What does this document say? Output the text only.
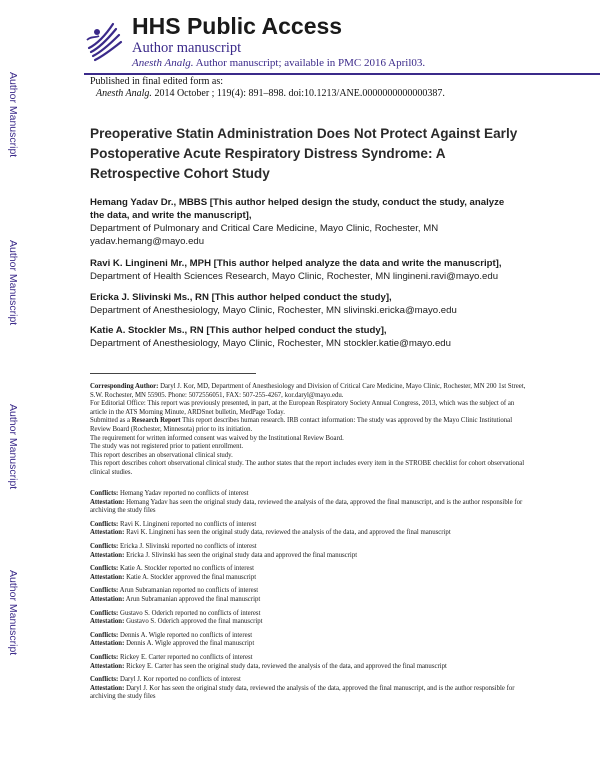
Author Manuscript
Author Manuscript
Author Manuscript
Author Manuscript
HHS Public Access
Author manuscript
Anesth Analg. Author manuscript; available in PMC 2016 April03.
Published in final edited form as:
Anesth Analg. 2014 October ; 119(4): 891–898. doi:10.1213/ANE.0000000000000387.
Preoperative Statin Administration Does Not Protect Against Early Postoperative Acute Respiratory Distress Syndrome: A Retrospective Cohort Study
Hemang Yadav Dr., MBBS [This author helped design the study, conduct the study, analyze the data, and write the manuscript],
Department of Pulmonary and Critical Care Medicine, Mayo Clinic, Rochester, MN
yadav.hemang@mayo.edu
Ravi K. Lingineni Mr., MPH [This author helped analyze the data and write the manuscript],
Department of Health Sciences Research, Mayo Clinic, Rochester, MN lingineni.ravi@mayo.edu
Ericka J. Slivinski Ms., RN [This author helped conduct the study],
Department of Anesthesiology, Mayo Clinic, Rochester, MN slivinski.ericka@mayo.edu
Katie A. Stockler Ms., RN [This author helped conduct the study],
Department of Anesthesiology, Mayo Clinic, Rochester, MN stockler.katie@mayo.edu

Corresponding Author: Daryl J. Kor, MD, Department of Anesthesiology and Division of Critical Care Medicine, Mayo Clinic, Rochester, MN 200 1st Street, S.W. Rochester, MN 55905. Phone: 5072556051, FAX: 507-255-4267, kor.daryl@mayo.edu.

For Editorial Office: This report was previously presented, in part, at the European Respiratory Society Annual Congress, 2013, which was the subject of an article in the ATS Morning Minute, ARDSnet bulletin, MedPage Today.

Submitted as a Research Report This report describes human research. IRB contact information: The study was approved by the Mayo Clinic Institutional Review Board (Rochester, Minnesota) prior to its initiation.

The requirement for written informed consent was waived by the Institutional Review Board.

The study was not registered prior to patient enrollment.

This report describes an observational clinical study.

This report describes cohort observational clinical study. The author states that the report includes every item in the STROBE checklist for cohort observational clinical studies.

Conflicts: Hemang Yadav reported no conflicts of interest

Attestation: Hemang Yadav has seen the original study data, reviewed the analysis of the data, approved the final manuscript, and is the author responsible for archiving the study files

Conflicts: Ravi K. Lingineni reported no conflicts of interest

Attestation: Ravi K. Lingineni has seen the original study data, reviewed the analysis of the data, and approved the final manuscript

Conflicts: Ericka J. Slivinski reported no conflicts of interest

Attestation: Ericka J. Slivinski has seen the original study data and approved the final manuscript

Conflicts: Katie A. Stockler reported no conflicts of interest

Attestation: Katie A. Stockler approved the final manuscript

Conflicts: Arun Subramanian reported no conflicts of interest

Attestation: Arun Subramanian approved the final manuscript

Conflicts: Gustavo S. Oderich reported no conflicts of interest

Attestation: Gustavo S. Oderich approved the final manuscript

Conflicts: Dennis A. Wigle reported no conflicts of interest

Attestation: Dennis A. Wigle approved the final manuscript

Conflicts: Rickey E. Carter reported no conflicts of interest

Attestation: Rickey E. Carter has seen the original study data, reviewed the analysis of the data, and approved the final manuscript

Conflicts: Daryl J. Kor reported no conflicts of interest

Attestation: Daryl J. Kor has seen the original study data, reviewed the analysis of the data, approved the final manuscript, and is the author responsible for archiving the study files
